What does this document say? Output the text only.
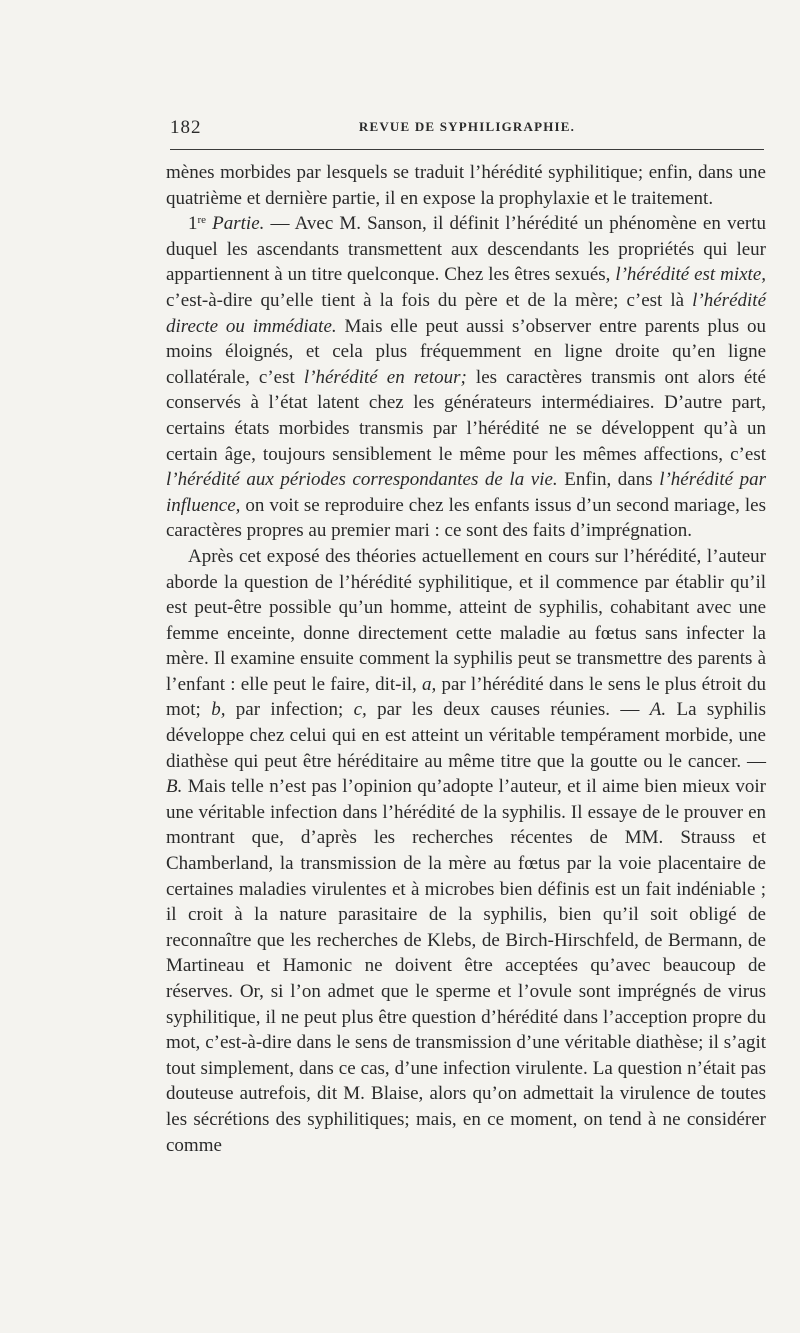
182	REVUE DE SYPHILIGRAPHIE.

mènes morbides par lesquels se traduit l’hérédité syphilitique; enfin, dans une quatrième et dernière partie, il en expose la prophylaxie et le traitement.

1re Partie. — Avec M. Sanson, il définit l’hérédité un phénomène en vertu duquel les ascendants transmettent aux descendants les propriétés qui leur appartiennent à un titre quelconque. Chez les êtres sexués, l’hérédité est mixte, c’est-à-dire qu’elle tient à la fois du père et de la mère; c’est là l’hérédité directe ou immédiate. Mais elle peut aussi s’observer entre parents plus ou moins éloignés, et cela plus fréquemment en ligne droite qu’en ligne collatérale, c’est l’hérédité en retour; les caractères transmis ont alors été conservés à l’état latent chez les générateurs intermédiaires. D’autre part, certains états morbides transmis par l’hérédité ne se développent qu’à un certain âge, toujours sensiblement le même pour les mêmes affections, c’est l’hérédité aux périodes correspondantes de la vie. Enfin, dans l’hérédité par influence, on voit se reproduire chez les enfants issus d’un second mariage, les caractères propres au premier mari : ce sont des faits d’imprégnation.

Après cet exposé des théories actuellement en cours sur l’hérédité, l’auteur aborde la question de l’hérédité syphilitique, et il commence par établir qu’il est peut-être possible qu’un homme, atteint de syphilis, cohabitant avec une femme enceinte, donne directement cette maladie au fœtus sans infecter la mère. Il examine ensuite comment la syphilis peut se transmettre des parents à l’enfant : elle peut le faire, dit-il, a, par l’hérédité dans le sens le plus étroit du mot; b, par infection; c, par les deux causes réunies. — A. La syphilis développe chez celui qui en est atteint un véritable tempérament morbide, une diathèse qui peut être héréditaire au même titre que la goutte ou le cancer. — B. Mais telle n’est pas l’opinion qu’adopte l’auteur, et il aime bien mieux voir une véritable infection dans l’hérédité de la syphilis. Il essaye de le prouver en montrant que, d’après les recherches récentes de MM. Strauss et Chamberland, la transmission de la mère au fœtus par la voie placentaire de certaines maladies virulentes et à microbes bien définis est un fait indéniable ; il croit à la nature parasitaire de la syphilis, bien qu’il soit obligé de reconnaître que les recherches de Klebs, de Birch-Hirschfeld, de Bermann, de Martineau et Hamonic ne doivent être acceptées qu’avec beaucoup de réserves. Or, si l’on admet que le sperme et l’ovule sont imprégnés de virus syphilitique, il ne peut plus être question d’hérédité dans l’acception propre du mot, c’est-à-dire dans le sens de transmission d’une véritable diathèse; il s’agit tout simplement, dans ce cas, d’une infection virulente. La question n’était pas douteuse autrefois, dit M. Blaise, alors qu’on admettait la virulence de toutes les sécrétions des syphilitiques; mais, en ce moment, on tend à ne considérer comme
